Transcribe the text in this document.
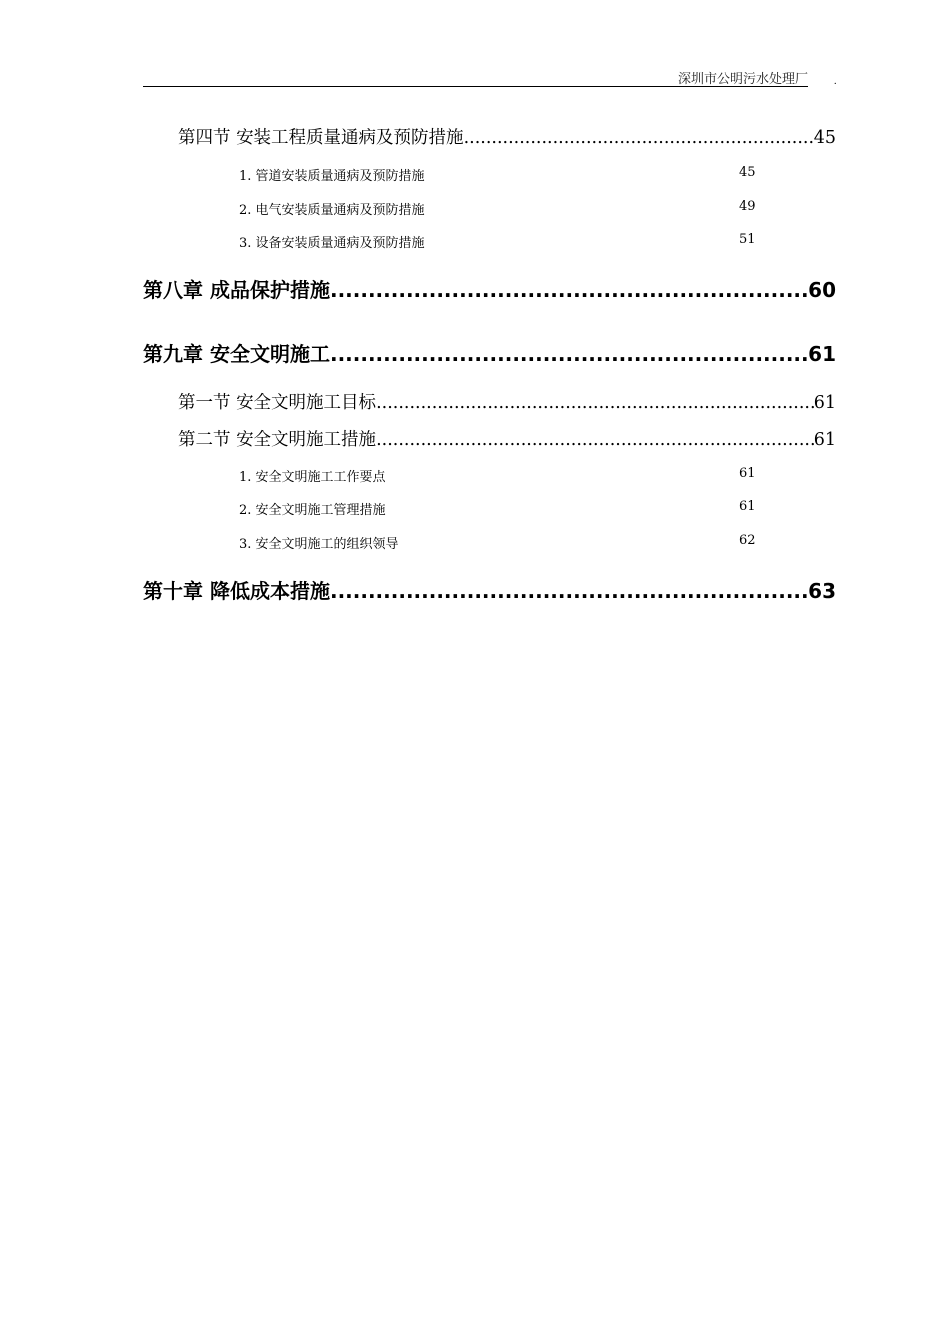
深圳市公明污水处理厂	.
第四节 安装工程质量通病及预防措施 .....	45
1. 管道安装质量通病及预防措施	45
2. 电气安装质量通病及预防措施	49
3. 设备安装质量通病及预防措施	51
第八章 成品保护措施 .....	60
第九章 安全文明施工 .....	61
第一节 安全文明施工目标 .....	61
第二节 安全文明施工措施 .....	61
1. 安全文明施工工作要点	61
2. 安全文明施工管理措施	61
3. 安全文明施工的组织领导	62
第十章 降低成本措施 .....	63
